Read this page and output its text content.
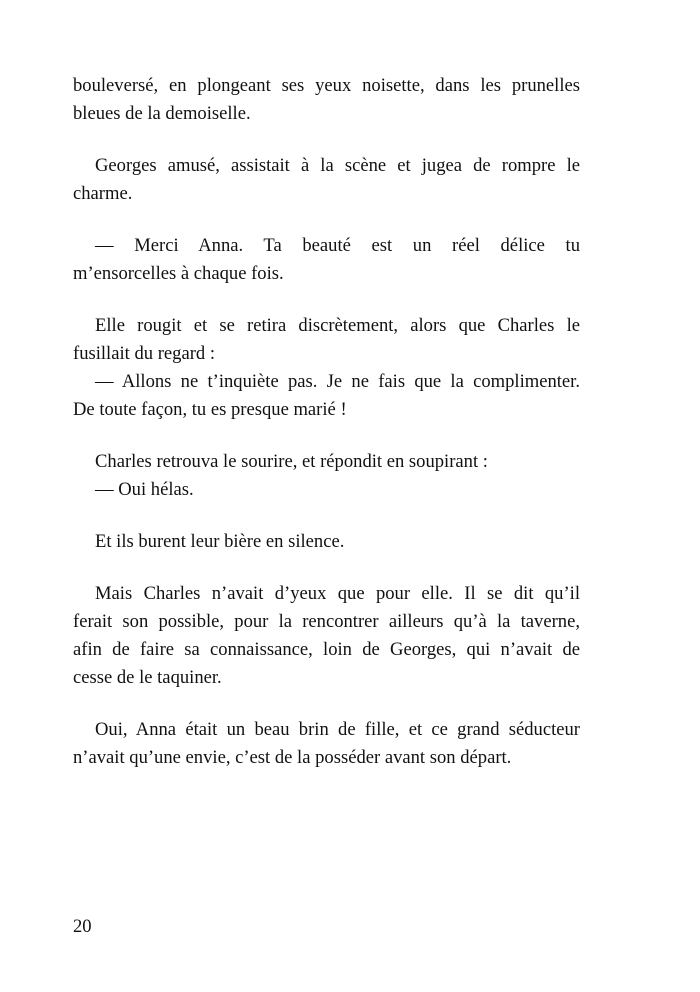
bouleversé, en plongeant ses yeux noisette, dans les prunelles
bleues de la demoiselle.
Georges amusé, assistait à la scène et jugea de rompre le
charme.
— Merci Anna. Ta beauté est un réel délice tu
m’ensorcelles à chaque fois.
Elle rougit et se retira discrètement, alors que Charles le
fusillait du regard :
— Allons ne t’inquiète pas. Je ne fais que la complimenter.
De toute façon, tu es presque marié !
Charles retrouva le sourire, et répondit en soupirant :
— Oui hélas.
Et ils burent leur bière en silence.
Mais Charles n’avait d’yeux que pour elle. Il se dit qu’il
ferait son possible, pour la rencontrer ailleurs qu’à la taverne,
afin de faire sa connaissance, loin de Georges, qui n’avait de
cesse de le taquiner.
Oui, Anna était un beau brin de fille, et ce grand séducteur
n’avait qu’une envie, c’est de la posséder avant son départ.
20
